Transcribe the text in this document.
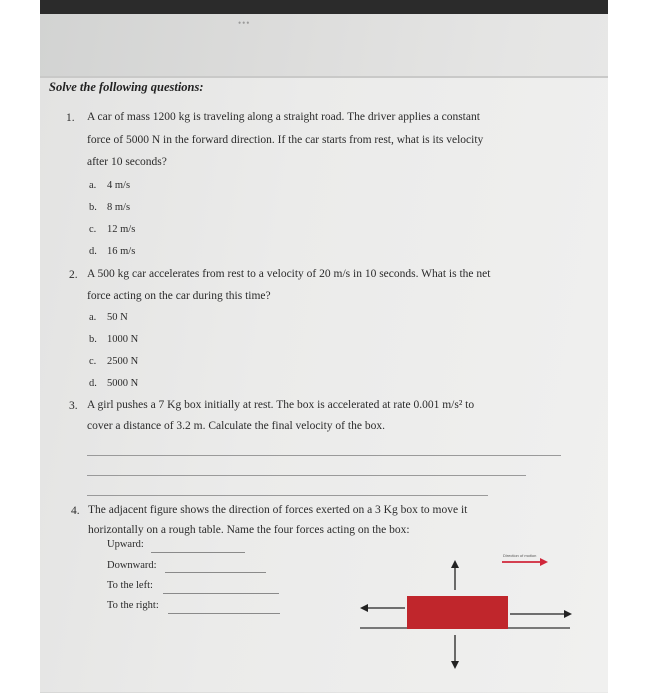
•••
Solve the following questions:
1. A car of mass 1200 kg is traveling along a straight road. The driver applies a constant
force of 5000 N in the forward direction. If the car starts from rest, what is its velocity
after 10 seconds?
a. 4 m/s
b. 8 m/s
c. 12 m/s
d. 16 m/s
2. A 500 kg car accelerates from rest to a velocity of 20 m/s in 10 seconds. What is the net
force acting on the car during this time?
a. 50 N
b. 1000 N
c. 2500 N
d. 5000 N
3. A girl pushes a 7 Kg box initially at rest. The box is accelerated at rate 0.001 m/s² to
cover a distance of 3.2 m. Calculate the final velocity of the box.
4. The adjacent figure shows the direction of forces exerted on a 3 Kg box to move it
horizontally on a rough table. Name the four forces acting on the box:
Upward:
Downward:
To the left:
To the right:
Direction of motion
